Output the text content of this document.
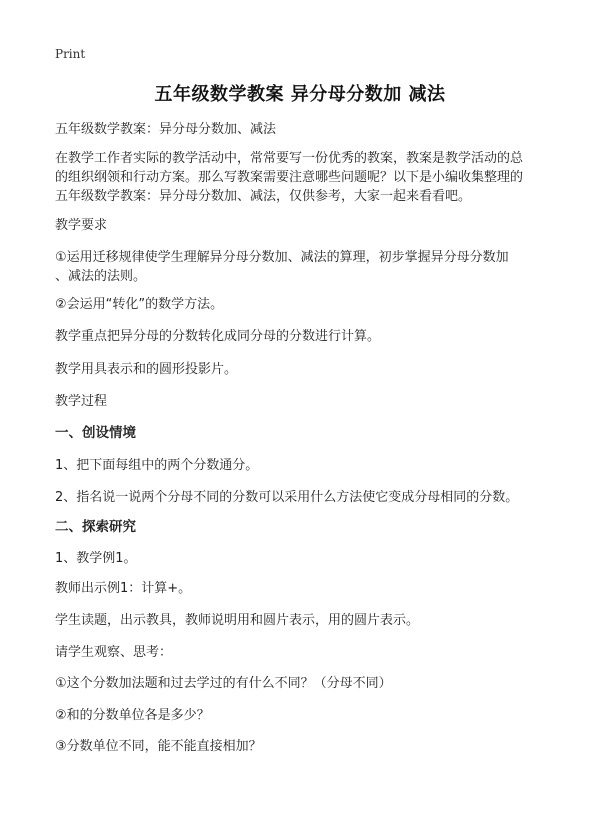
Print
五年级数学教案 异分母分数加 减法
五年级数学教案：异分母分数加、减法
在教学工作者实际的教学活动中，常常要写一份优秀的教案，教案是教学活动的总
的组织纲领和行动方案。那么写教案需要注意哪些问题呢？以下是小编收集整理的
五年级数学教案：异分母分数加、减法，仅供参考，大家一起来看看吧。
教学要求
①运用迁移规律使学生理解异分母分数加、减法的算理，初步掌握异分母分数加
、减法的法则。
②会运用“转化”的数学方法。
教学重点把异分母的分数转化成同分母的分数进行计算。
教学用具表示和的圆形投影片。
教学过程
一、创设情境
1、把下面每组中的两个分数通分。
2、指名说一说两个分母不同的分数可以采用什么方法使它变成分母相同的分数。
二、探索研究
1、教学例1。
教师出示例1：计算+。
学生读题，出示教具，教师说明用和圆片表示，用的圆片表示。
请学生观察、思考：
①这个分数加法题和过去学过的有什么不同？（分母不同）
②和的分数单位各是多少？
③分数单位不同，能不能直接相加？
